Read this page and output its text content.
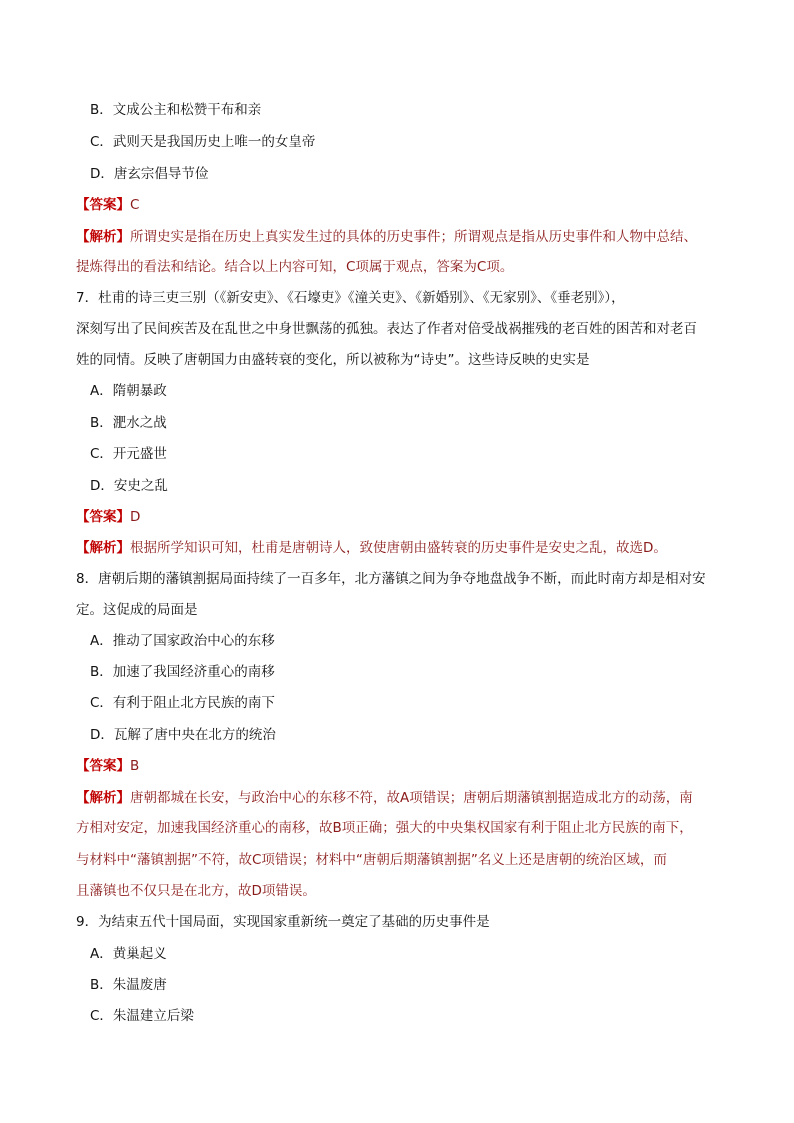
B．文成公主和松赞干布和亲
C．武则天是我国历史上唯一的女皇帝
D．唐玄宗倡导节俭
【答案】C
【解析】所谓史实是指在历史上真实发生过的具体的历史事件；所谓观点是指从历史事件和人物中总结、
提炼得出的看法和结论。结合以上内容可知，C项属于观点，答案为C项。
7．杜甫的诗三吏三别（《新安吏》、《石壕吏》《潼关吏》、《新婚别》、《无家别》、《垂老别》），
深刻写出了民间疾苦及在乱世之中身世飘荡的孤独。表达了作者对倍受战祸摧残的老百姓的困苦和对老百
姓的同情。反映了唐朝国力由盛转衰的变化，所以被称为“诗史”。这些诗反映的史实是
A．隋朝暴政
B．淝水之战
C．开元盛世
D．安史之乱
【答案】D
【解析】根据所学知识可知，杜甫是唐朝诗人，致使唐朝由盛转衰的历史事件是安史之乱，故选D。
8．唐朝后期的藩镇割据局面持续了一百多年，北方藩镇之间为争夺地盘战争不断，而此时南方却是相对安
定。这促成的局面是
A．推动了国家政治中心的东移
B．加速了我国经济重心的南移
C．有利于阻止北方民族的南下
D．瓦解了唐中央在北方的统治
【答案】B
【解析】唐朝都城在长安，与政治中心的东移不符，故A项错误；唐朝后期藩镇割据造成北方的动荡，南
方相对安定，加速我国经济重心的南移，故B项正确；强大的中央集权国家有利于阻止北方民族的南下，
与材料中“藩镇割据”不符，故C项错误；材料中“唐朝后期藩镇割据”名义上还是唐朝的统治区域，而
且藩镇也不仅只是在北方，故D项错误。
9．为结束五代十国局面，实现国家重新统一奠定了基础的历史事件是
A．黄巢起义
B．朱温废唐
C．朱温建立后梁
